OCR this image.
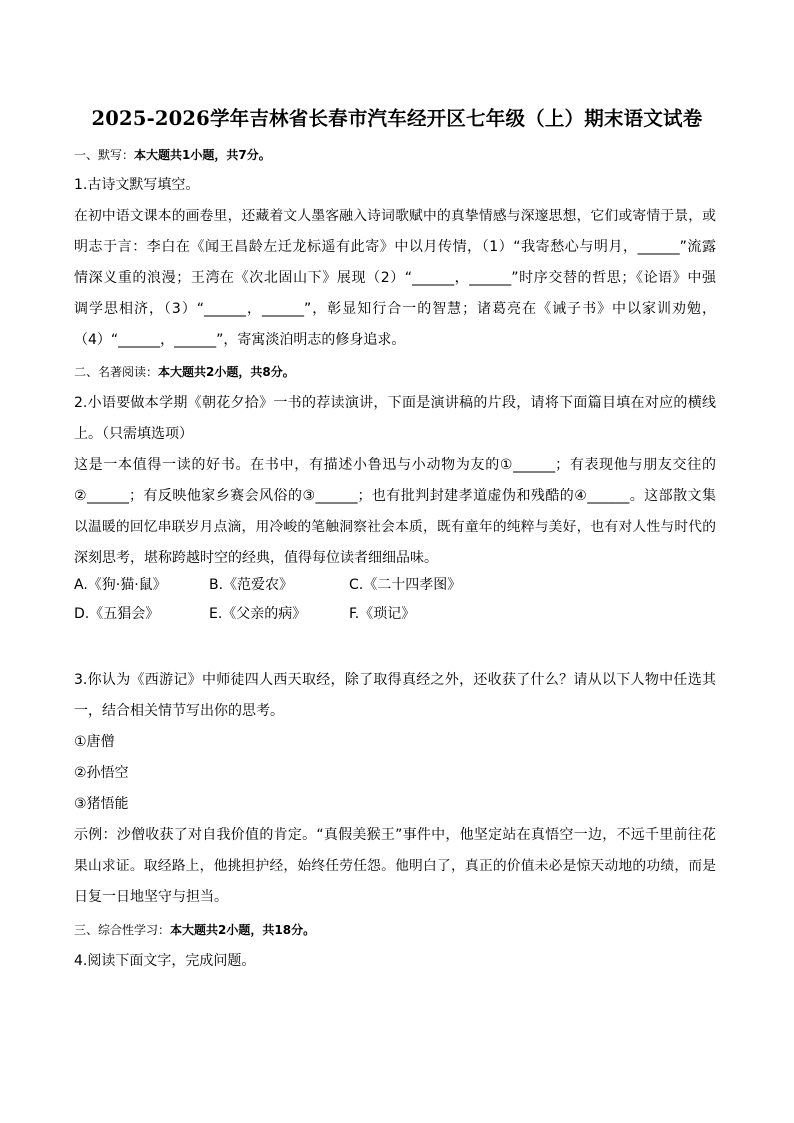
2025-2026学年吉林省长春市汽车经开区七年级（上）期末语文试卷
一、默写：本大题共1小题，共7分。
1.古诗文默写填空。
在初中语文课本的画卷里，还藏着文人墨客融入诗词歌赋中的真挚情感与深邃思想，它们或寄情于景，或
明志于言：李白在《闻王昌龄左迁龙标遥有此寄》中以月传情，（1）“我寄愁心与明月，______”流露
情深义重的浪漫；王湾在《次北固山下》展现（2）“______，______”时序交替的哲思；《论语》中强
调学思相济，（3）“______，______”，彰显知行合一的智慧；诸葛亮在《诫子书》中以家训劝勉，
（4）“______，______”，寄寓淡泊明志的修身追求。
二、名著阅读：本大题共2小题，共8分。
2.小语要做本学期《朝花夕拾》一书的荐读演讲，下面是演讲稿的片段，请将下面篇目填在对应的横线
上。（只需填选项）
这是一本值得一读的好书。在书中，有描述小鲁迅与小动物为友的①______；有表现他与朋友交往的
②______；有反映他家乡赛会风俗的③______；也有批判封建孝道虚伪和残酷的④______。这部散文集
以温暖的回忆串联岁月点滴，用冷峻的笔触洞察社会本质，既有童年的纯粹与美好，也有对人性与时代的
深刻思考，堪称跨越时空的经典，值得每位读者细细品味。
A.《狗·猫·鼠》	B.《范爱农》	C.《二十四孝图》
D.《五猖会》	E.《父亲的病》	F.《琐记》
3.你认为《西游记》中师徒四人西天取经，除了取得真经之外，还收获了什么？请从以下人物中任选其
一，结合相关情节写出你的思考。
①唐僧
②孙悟空
③猪悟能
示例：沙僧收获了对自我价值的肯定。“真假美猴王”事件中，他坚定站在真悟空一边，不远千里前往花
果山求证。取经路上，他挑担护经，始终任劳任怨。他明白了，真正的价值未必是惊天动地的功绩，而是
日复一日地坚守与担当。
三、综合性学习：本大题共2小题，共18分。
4.阅读下面文字，完成问题。
